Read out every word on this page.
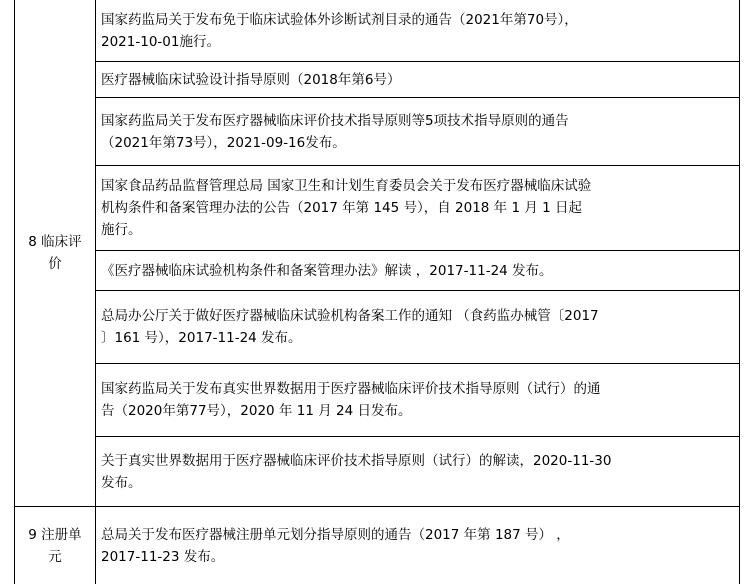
8 临床评
价
9 注册单
元
国家药监局关于发布免于临床试验体外诊断试剂目录的通告（2021年第70号），
2021-10-01施行。
医疗器械临床试验设计指导原则（2018年第6号）
国家药监局关于发布医疗器械临床评价技术指导原则等5项技术指导原则的通告
（2021年第73号），2021-09-16发布。
国家食品药品监督管理总局 国家卫生和计划生育委员会关于发布医疗器械临床试验
机构条件和备案管理办法的公告（2017 年第 145 号），自 2018 年 1 月 1 日起
施行。
《医疗器械临床试验机构条件和备案管理办法》解读 ，2017-11-24 发布。
总局办公厅关于做好医疗器械临床试验机构备案工作的通知 （食药监办械管〔2017
〕161 号），2017-11-24 发布。
国家药监局关于发布真实世界数据用于医疗器械临床评价技术指导原则（试行）的通
告（2020年第77号），2020 年 11 月 24 日发布。
关于真实世界数据用于医疗器械临床评价技术指导原则（试行）的解读，2020-11-30
发布。
总局关于发布医疗器械注册单元划分指导原则的通告（2017 年第 187 号） ，
2017-11-23 发布。
